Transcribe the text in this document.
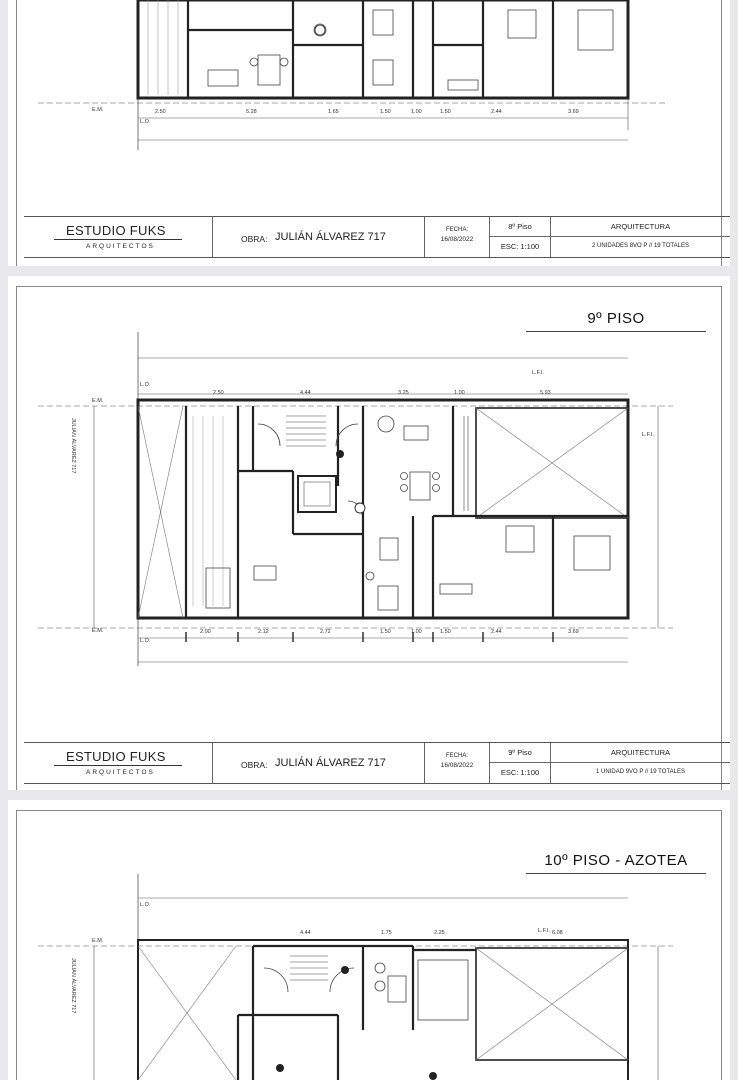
2.50	5.28	1.65	1.50	1.00	1.50	2.44	3.69
E.M.
L.O.
ESTUDIO FUKS
ARQUITECTOS
OBRA: JULIÁN ÁLVAREZ 717
FECHA:
16/08/2022
8º Piso
ESC: 1:100
ARQUITECTURA
2 UNIDADES 8VO P // 19 TOTALES
9º PISO
2.50	4.44	3.25	1.00	5.93
2.00	2.12	2.72	1.50	1.00	1.50	2.44	3.69
L.O.
L.O.
E.M.
E.M.
L.F.I.
L.F.I.
JULIAN ÁLVAREZ 717
ESTUDIO FUKS
ARQUITECTOS
OBRA: JULIÁN ÁLVAREZ 717
FECHA:
16/08/2022
9º Piso
ESC: 1:100
ARQUITECTURA
1 UNIDAD 9VO P // 19 TOTALES
10º PISO - AZOTEA
4.44	1.75	2.25	6.08
L.O.
E.M.
L.F.I.
JULIAN ÁLVAREZ 717
